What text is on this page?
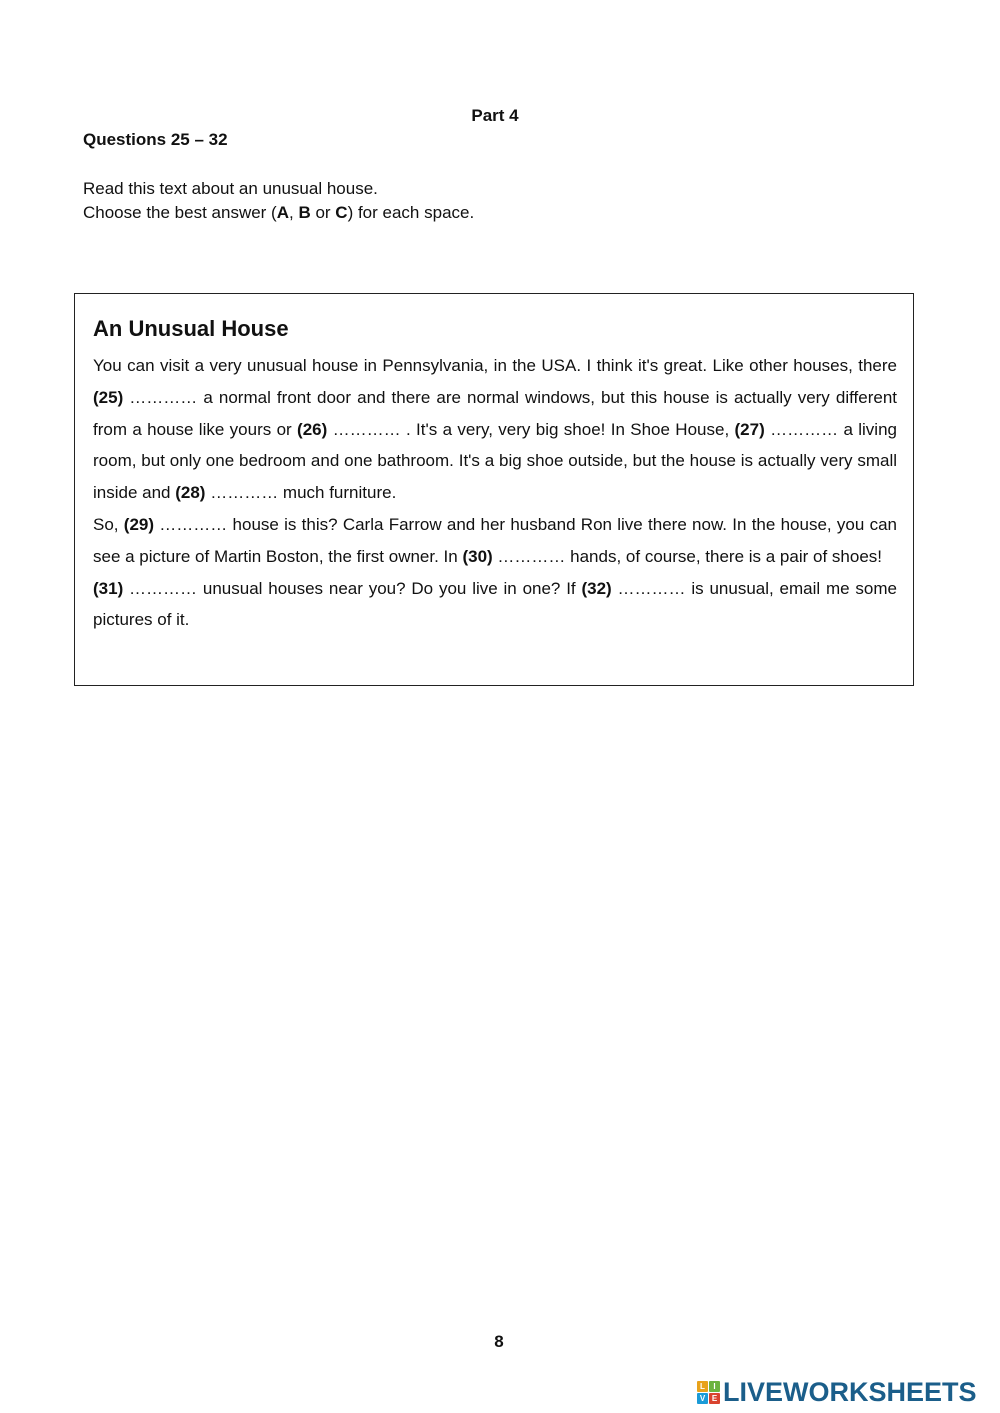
Part 4
Questions 25 – 32
Read this text about an unusual house.
Choose the best answer (A, B or C) for each space.
An Unusual House

You can visit a very unusual house in Pennsylvania, in the USA. I think it's great. Like other houses, there (25) ………… a normal front door and there are normal windows, but this house is actually very different from a house like yours or (26) ………… . It's a very, very big shoe! In Shoe House, (27) ………… a living room, but only one bedroom and one bathroom. It's a big shoe outside, but the house is actually very small inside and (28) ………… much furniture.

So, (29) ………… house is this? Carla Farrow and her husband Ron live there now. In the house, you can see a picture of Martin Boston, the first owner. In (30) ………… hands, of course, there is a pair of shoes!

(31) ………… unusual houses near you? Do you live in one? If (32) ………… is unusual, email me some pictures of it.

8
L	I
V E LIVEWORKSHEETS
